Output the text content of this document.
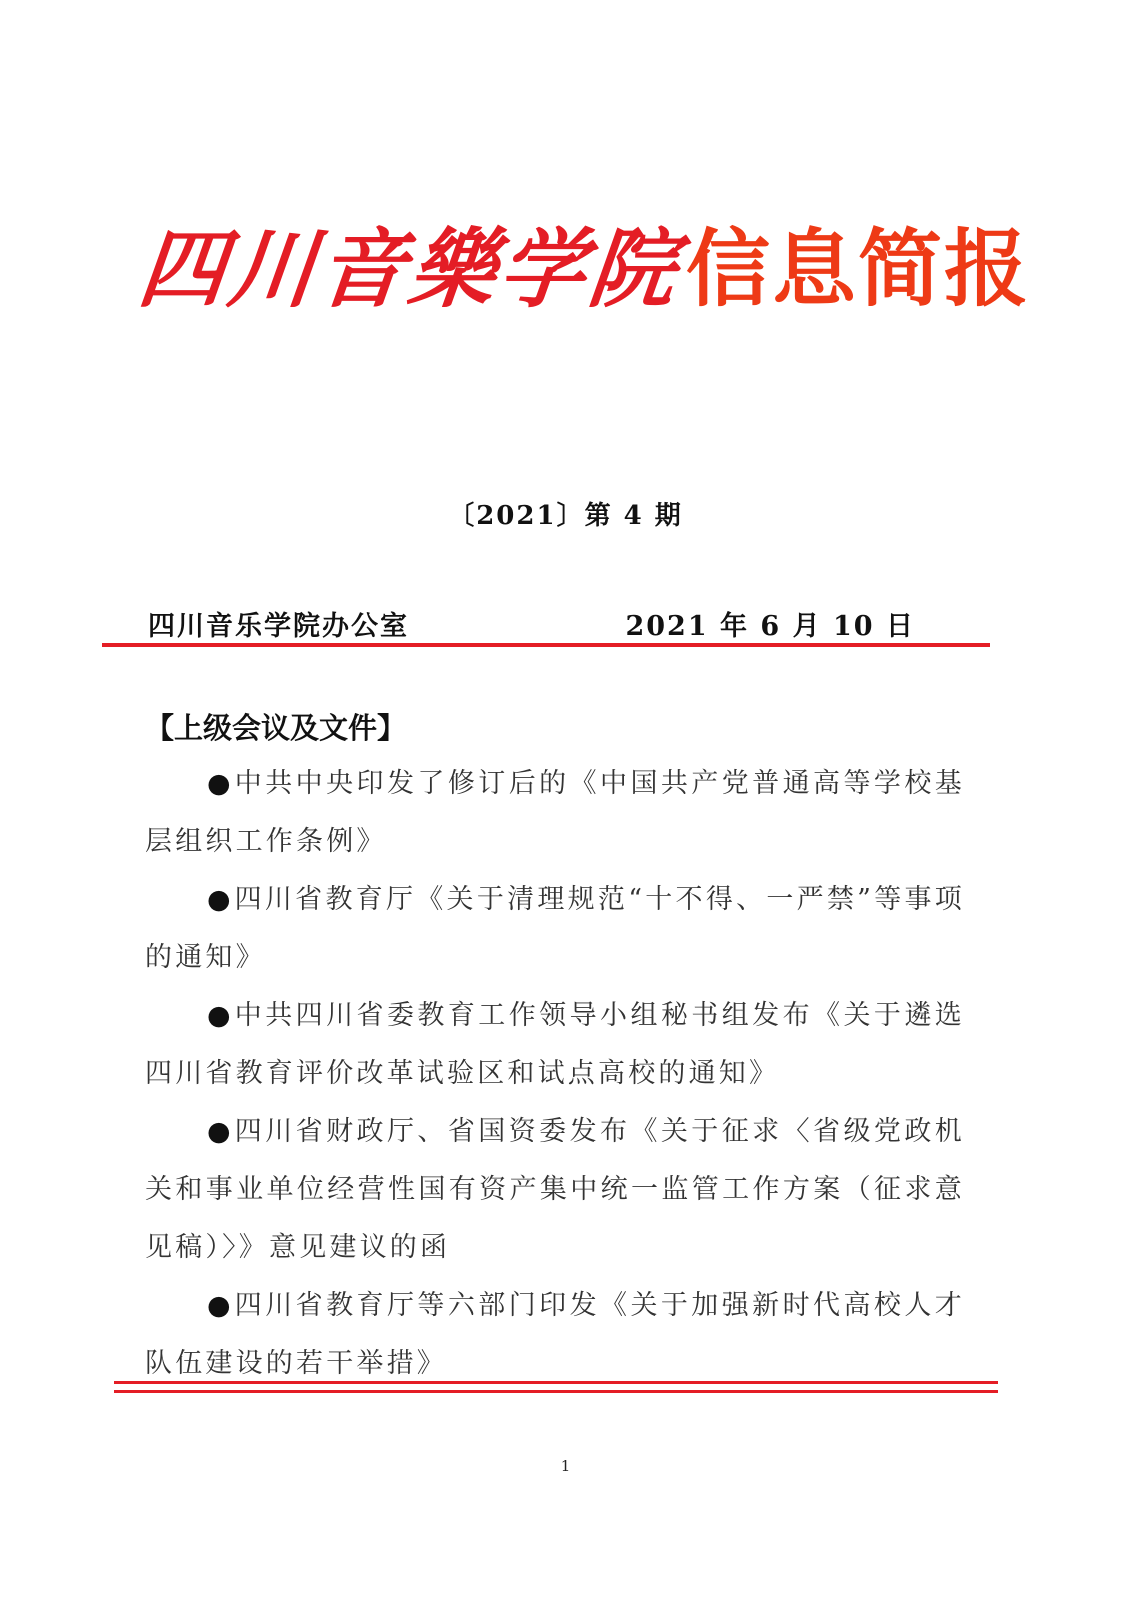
四川音樂学院信息简报
〔2021〕第 4 期
四川音乐学院办公室	2021 年 6 月 10 日
【上级会议及文件】

● 中共中央印发了修订后的《中国共产党普通高等学校基层组织工作条例》

● 四川省教育厅《关于清理规范“十不得、一严禁”等事项的通知》

● 中共四川省委教育工作领导小组秘书组发布《关于遴选四川省教育评价改革试验区和试点高校的通知》

● 四川省财政厅、省国资委发布《关于征求〈省级党政机关和事业单位经营性国有资产集中统一监管工作方案（征求意见稿）〉》意见建议的函

● 四川省教育厅等六部门印发《关于加强新时代高校人才队伍建设的若干举措》

1
